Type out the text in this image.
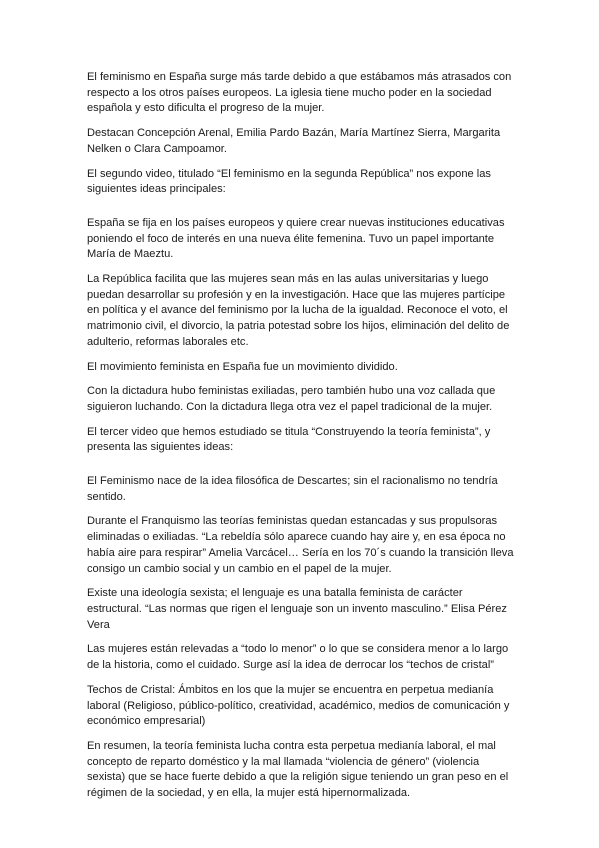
El feminismo en España surge más tarde debido a que estábamos más atrasados con respecto a los otros países europeos. La iglesia tiene mucho poder en la sociedad española y esto dificulta el progreso de la mujer.

Destacan Concepción Arenal, Emilia Pardo Bazán, María Martínez Sierra, Margarita Nelken o Clara Campoamor.

El segundo video, titulado “El feminismo en la segunda República” nos expone las siguientes ideas principales:

España se fija en los países europeos y quiere crear nuevas instituciones educativas poniendo el foco de interés en una nueva élite femenina. Tuvo un papel importante María de Maeztu.

La República facilita que las mujeres sean más en las aulas universitarias y luego puedan desarrollar su profesión y en la investigación. Hace que las mujeres partícipe en política y el avance del feminismo por la lucha de la igualdad. Reconoce el voto, el matrimonio civil, el divorcio, la patria potestad sobre los hijos, eliminación del delito de adulterio, reformas laborales etc.

El movimiento feminista en España fue un movimiento dividido.

Con la dictadura hubo feministas exiliadas, pero también hubo una voz callada que siguieron luchando. Con la dictadura llega otra vez el papel tradicional de la mujer.

El tercer video que hemos estudiado se titula “Construyendo la teoría feminista”, y presenta las siguientes ideas:

El Feminismo nace de la idea filosófica de Descartes; sin el racionalismo no tendría sentido.

Durante el Franquismo las teorías feministas quedan estancadas y sus propulsoras eliminadas o exiliadas. “La rebeldía sólo aparece cuando hay aire y, en esa época no había aire para respirar” Amelia Varcácel… Sería en los 70´s cuando la transición lleva consigo un cambio social y un cambio en el papel de la mujer.

Existe una ideología sexista; el lenguaje es una batalla feminista de carácter estructural. “Las normas que rigen el lenguaje son un invento masculino.” Elisa Pérez Vera

Las mujeres están relevadas a “todo lo menor” o lo que se considera menor a lo largo de la historia, como el cuidado. Surge así la idea de derrocar los “techos de cristal”

Techos de Cristal: Ámbitos en los que la mujer se encuentra en perpetua medianía laboral (Religioso, público-político, creatividad, académico, medios de comunicación y económico empresarial)

En resumen, la teoría feminista lucha contra esta perpetua medianía laboral, el mal concepto de reparto doméstico y la mal llamada “violencia de género” (violencia sexista) que se hace fuerte debido a que la religión sigue teniendo un gran peso en el régimen de la sociedad, y en ella, la mujer está hipernormalizada.
